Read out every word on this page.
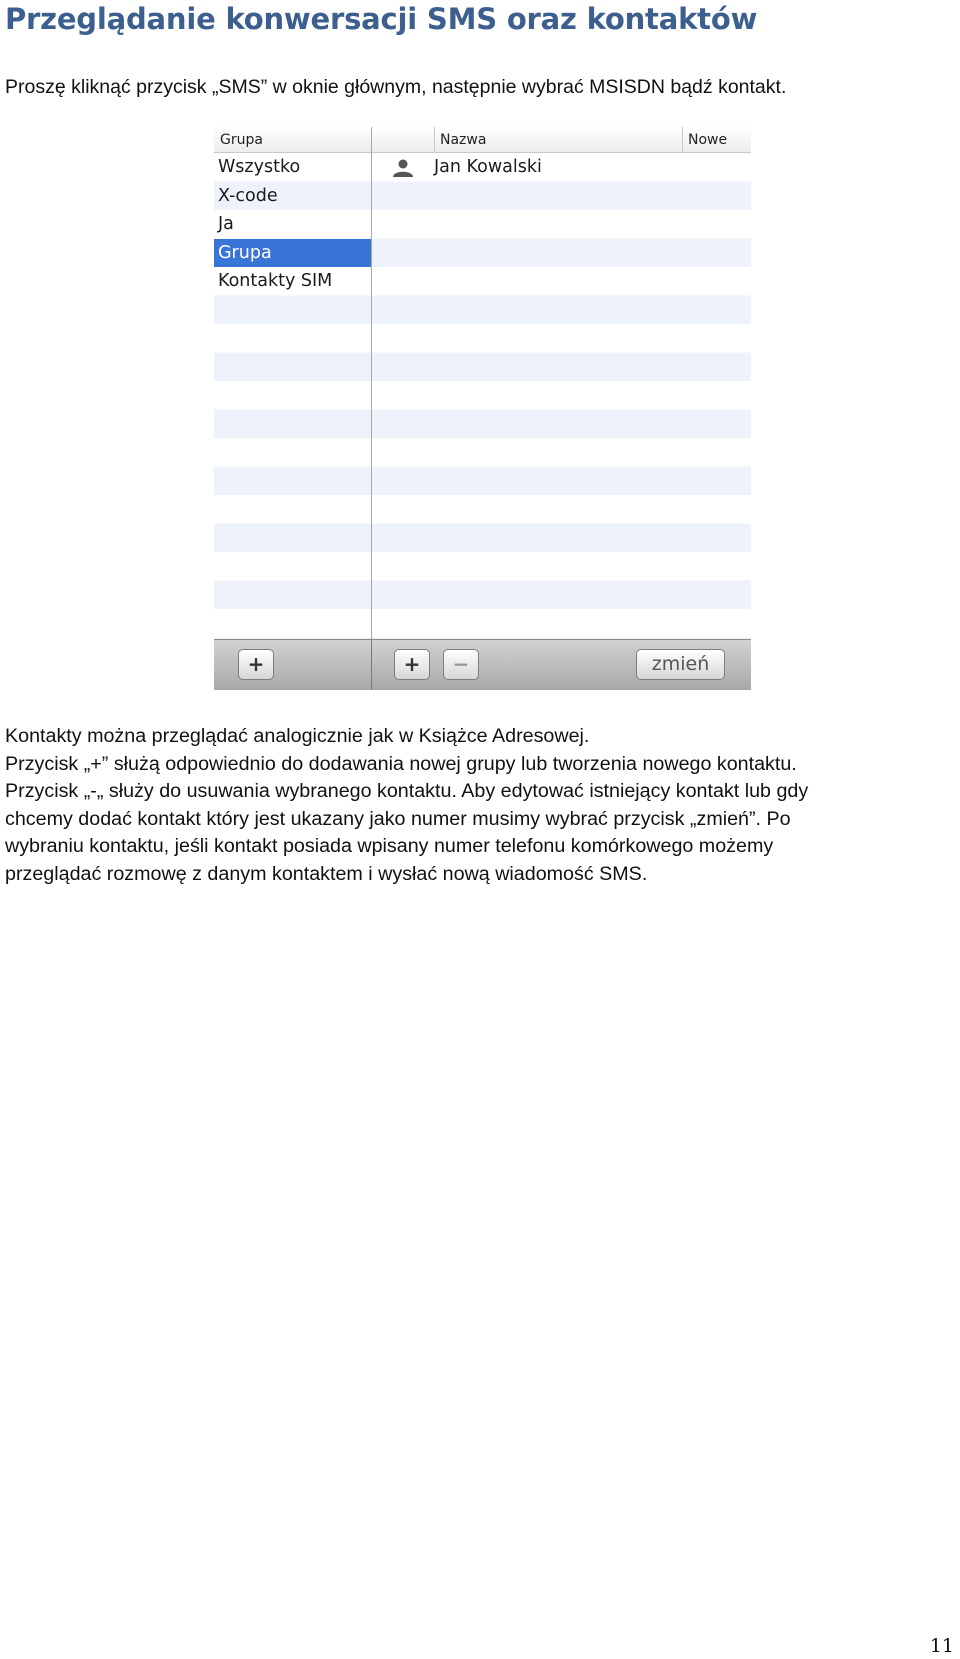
Przeglądanie konwersacji SMS oraz kontaktów

Proszę kliknąć przycisk „SMS” w oknie głównym, następnie wybrać MSISDN bądź kontakt.

Grupa
Wszystko
X-code
Ja
Grupa
Kontakty SIM
Nazwa	Nowe
Jan Kowalski
+	+	−	zmień
Kontakty można przeglądać analogicznie jak w Książce Adresowej.
Przycisk „+” służą odpowiednio do dodawania nowej grupy lub tworzenia nowego kontaktu.
Przycisk „-„ służy do usuwania wybranego kontaktu. Aby edytować istniejący kontakt lub gdy
chcemy dodać kontakt który jest ukazany jako numer musimy wybrać przycisk „zmień”. Po
wybraniu kontaktu, jeśli kontakt posiada wpisany numer telefonu komórkowego możemy
przeglądać rozmowę z danym kontaktem i wysłać nową wiadomość SMS.
11
